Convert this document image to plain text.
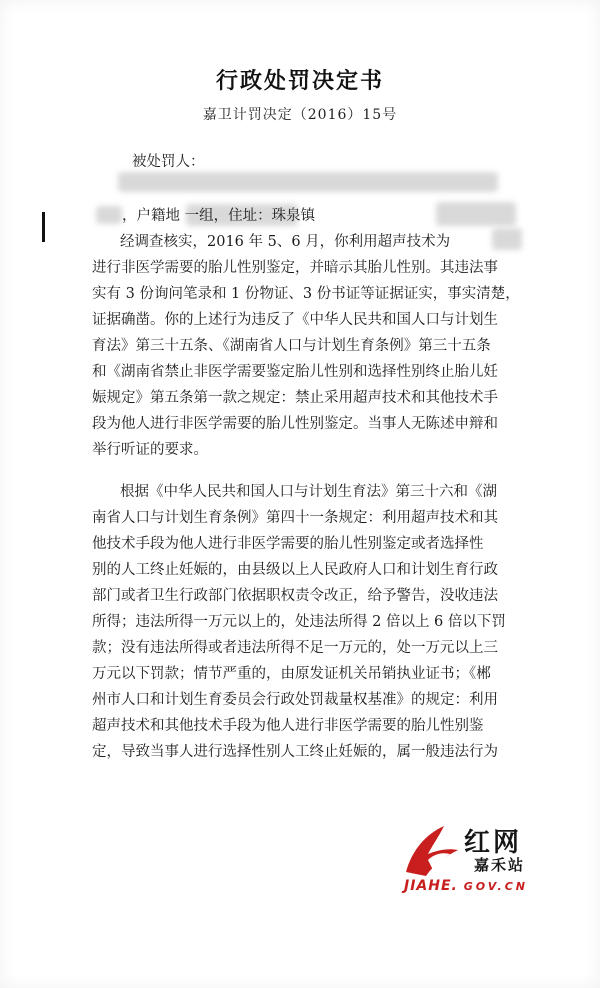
行政处罚决定书
嘉卫计罚决定（2016）15号
被处罚人：
，户籍地 一组，住址：珠泉镇
经调查核实，2016 年 5、6 月，你利用超声技术为
进行非医学需要的胎儿性别鉴定，并暗示其胎儿性别。其违法事
实有 3 份询问笔录和 1 份物证、3 份书证等证据证实，事实清楚，
证据确凿。你的上述行为违反了《中华人民共和国人口与计划生
育法》第三十五条、《湖南省人口与计划生育条例》第三十五条
和《湖南省禁止非医学需要鉴定胎儿性别和选择性别终止胎儿妊
娠规定》第五条第一款之规定：禁止采用超声技术和其他技术手
段为他人进行非医学需要的胎儿性别鉴定。当事人无陈述申辩和
举行听证的要求。
根据《中华人民共和国人口与计划生育法》第三十六和《湖
南省人口与计划生育条例》第四十一条规定：利用超声技术和其
他技术手段为他人进行非医学需要的胎儿性别鉴定或者选择性
别的人工终止妊娠的，由县级以上人民政府人口和计划生育行政
部门或者卫生行政部门依据职权责令改正，给予警告，没收违法
所得；违法所得一万元以上的，处违法所得 2 倍以上 6 倍以下罚
款；没有违法所得或者违法所得不足一万元的，处一万元以上三
万元以下罚款；情节严重的，由原发证机关吊销执业证书；《郴
州市人口和计划生育委员会行政处罚裁量权基准》的规定：利用
超声技术和其他技术手段为他人进行非医学需要的胎儿性别鉴
定，导致当事人进行选择性别人工终止妊娠的，属一般违法行为
红网
嘉禾站
JIAHE. GOV.CN
